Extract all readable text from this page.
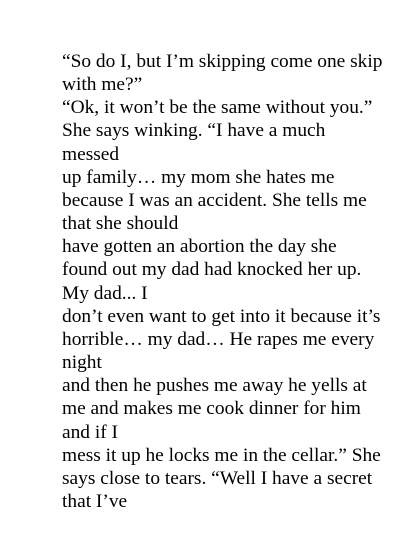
“So do I, but I’m skipping come one skip
with me?”
“Ok, it won’t be the same without you.”
She says winking. “I have a much
messed
up family… my mom she hates me
because I was an accident. She tells me
that she should
have gotten an abortion the day she
found out my dad had knocked her up.
My dad... I
don’t even want to get into it because it’s
horrible… my dad… He rapes me every
night
and then he pushes me away he yells at
me and makes me cook dinner for him
and if I
mess it up he locks me in the cellar.” She
says close to tears. “Well I have a secret
that I’ve
